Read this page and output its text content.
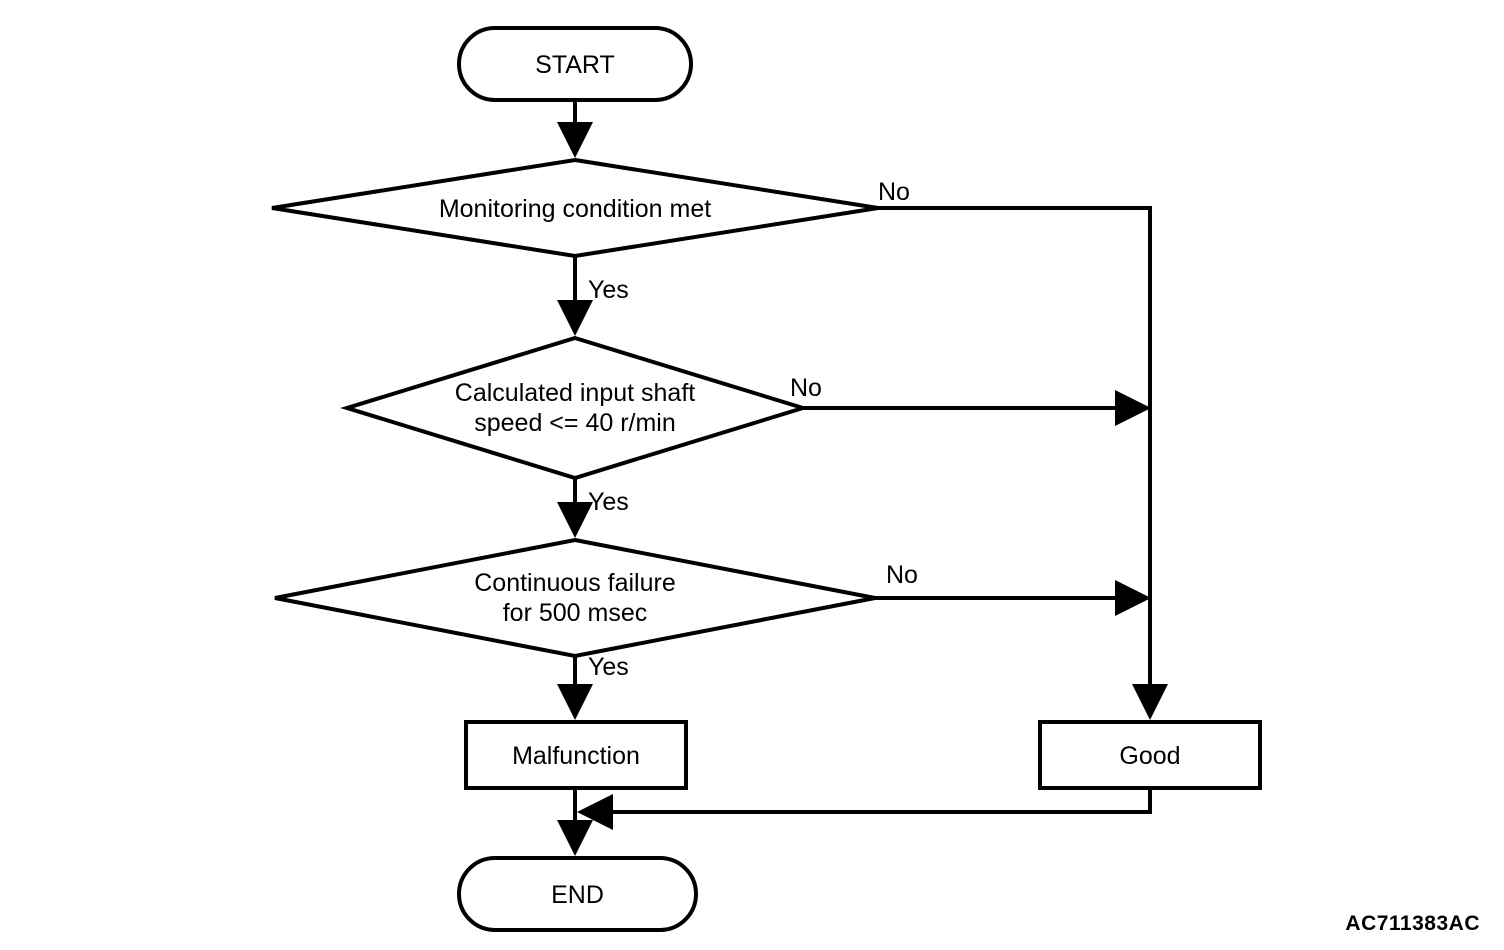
START
Monitoring condition met
Calculated input shaft
speed <= 40 r/min
Continuous failure
for 500 msec
Malfunction	Good
END
No
Yes
No
Yes
No
Yes
AC711383AC
